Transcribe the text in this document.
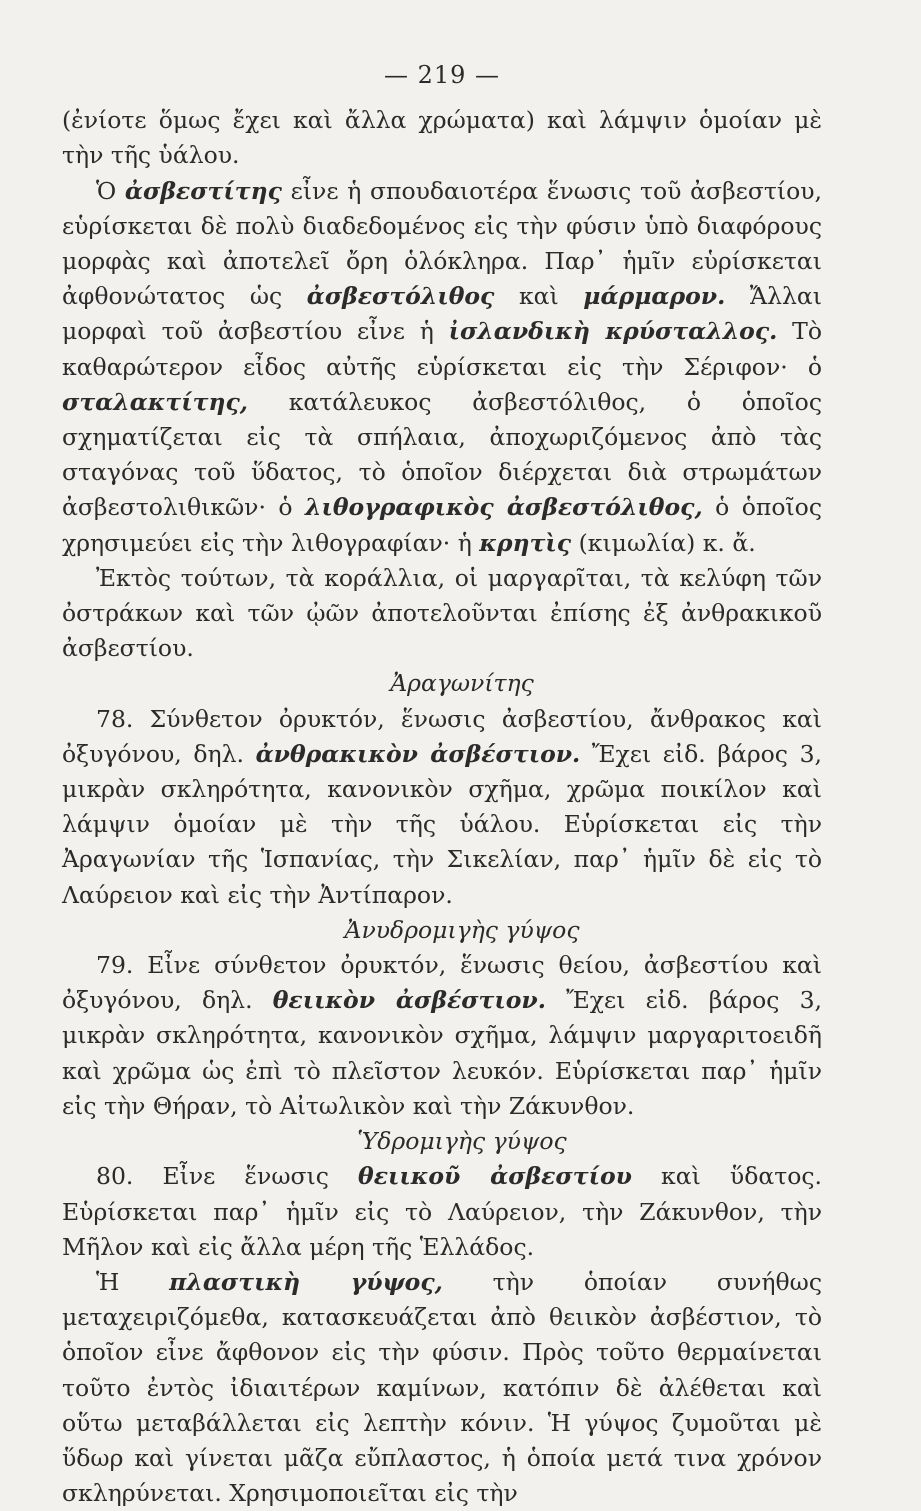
— 219 —

(ἐνίοτε ὅμως ἔχει καὶ ἄλλα χρώματα) καὶ λάμψιν ὁμοίαν μὲ τὴν τῆς ὑάλου.

Ὁ ἀσβεστίτης εἶνε ἡ σπουδαιοτέρα ἕνωσις τοῦ ἀσβεστίου, εὑρίσκεται δὲ πολὺ διαδεδομένος εἰς τὴν φύσιν ὑπὸ διαφόρους μορφὰς καὶ ἀποτελεῖ ὄρη ὁλόκληρα. Παρ᾿ ἡμῖν εὑρίσκεται ἀφθονώτατος ὡς ἀσβεστόλιθος καὶ μάρμαρον. Ἄλλαι μορφαὶ τοῦ ἀσβεστίου εἶνε ἡ ἰσλανδικὴ κρύσταλλος. Τὸ καθαρώτερον εἶδος αὐτῆς εὑρίσκεται εἰς τὴν Σέριφον· ὁ σταλακτίτης, κατάλευκος ἀσβεστόλιθος, ὁ ὁποῖος σχηματίζεται εἰς τὰ σπήλαια, ἀποχωριζόμενος ἀπὸ τὰς σταγόνας τοῦ ὕδατος, τὸ ὁποῖον διέρχεται διὰ στρωμάτων ἀσβεστολιθικῶν· ὁ λιθογραφικὸς ἀσβεστόλιθος, ὁ ὁποῖος χρησιμεύει εἰς τὴν λιθογραφίαν· ἡ κρητὶς (κιμωλία) κ. ἄ.

Ἐκτὸς τούτων, τὰ κοράλλια, οἱ μαργαρῖται, τὰ κελύφη τῶν ὀστράκων καὶ τῶν ᾠῶν ἀποτελοῦνται ἐπίσης ἐξ ἀνθρακικοῦ ἀσβεστίου.

Ἀραγωνίτης

78. Σύνθετον ὀρυκτόν, ἕνωσις ἀσβεστίου, ἄνθρακος καὶ ὀξυγόνου, δηλ. ἀνθρακικὸν ἀσβέστιον. Ἔχει εἰδ. βάρος 3, μικρὰν σκληρότητα, κανονικὸν σχῆμα, χρῶμα ποικίλον καὶ λάμψιν ὁμοίαν μὲ τὴν τῆς ὑάλου. Εὑρίσκεται εἰς τὴν Ἀραγωνίαν τῆς Ἱσπανίας, τὴν Σικελίαν, παρ᾿ ἡμῖν δὲ εἰς τὸ Λαύρειον καὶ εἰς τὴν Ἀντίπαρον.

Ἀνυδρομιγὴς γύψος

79. Εἶνε σύνθετον ὀρυκτόν, ἕνωσις θείου, ἀσβεστίου καὶ ὀξυγόνου, δηλ. θειικὸν ἀσβέστιον. Ἔχει εἰδ. βάρος 3, μικρὰν σκληρότητα, κανονικὸν σχῆμα, λάμψιν μαργαριτοειδῆ καὶ χρῶμα ὡς ἐπὶ τὸ πλεῖστον λευκόν. Εὑρίσκεται παρ᾿ ἡμῖν εἰς τὴν Θήραν, τὸ Αἰτωλικὸν καὶ τὴν Ζάκυνθον.

Ὑδρομιγὴς γύψος

80. Εἶνε ἕνωσις θειικοῦ ἀσβεστίου καὶ ὕδατος. Εὑρίσκεται παρ᾿ ἡμῖν εἰς τὸ Λαύρειον, τὴν Ζάκυνθον, τὴν Μῆλον καὶ εἰς ἄλλα μέρη τῆς Ἑλλάδος.

Ἡ πλαστικὴ γύψος, τὴν ὁποίαν συνήθως μεταχειριζόμεθα, κατασκευάζεται ἀπὸ θειικὸν ἀσβέστιον, τὸ ὁποῖον εἶνε ἄφθονον εἰς τὴν φύσιν. Πρὸς τοῦτο θερμαίνεται τοῦτο ἐντὸς ἰδιαιτέρων καμίνων, κατόπιν δὲ ἀλέθεται καὶ οὕτω μεταβάλλεται εἰς λεπτὴν κόνιν. Ἡ γύψος ζυμοῦται μὲ ὕδωρ καὶ γίνεται μᾶζα εὔπλαστος, ἡ ὁποία μετά τινα χρόνον σκληρύνεται. Χρησιμοποιεῖται εἰς τὴν
